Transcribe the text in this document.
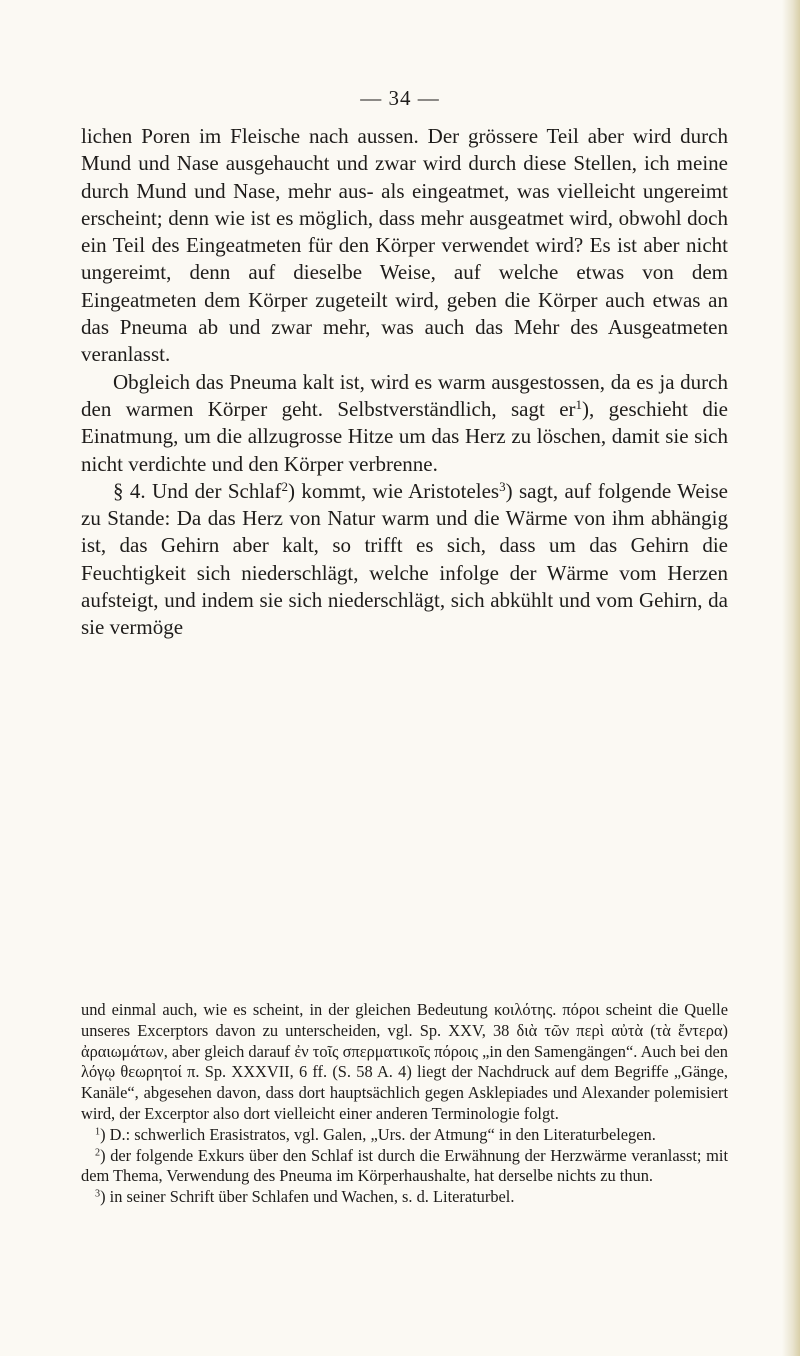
— 34 —

lichen Poren im Fleische nach aussen. Der grössere Teil aber wird durch Mund und Nase ausgehaucht und zwar wird durch diese Stellen, ich meine durch Mund und Nase, mehr aus- als eingeatmet, was vielleicht ungereimt erscheint; denn wie ist es möglich, dass mehr ausgeatmet wird, obwohl doch ein Teil des Eingeatmeten für den Körper verwendet wird? Es ist aber nicht ungereimt, denn auf dieselbe Weise, auf welche etwas von dem Eingeatmeten dem Körper zugeteilt wird, geben die Körper auch etwas an das Pneuma ab und zwar mehr, was auch das Mehr des Ausgeatmeten veranlasst.

Obgleich das Pneuma kalt ist, wird es warm ausgestossen, da es ja durch den warmen Körper geht. Selbstverständlich, sagt $er^1$), geschieht die Einatmung, um die allzugrosse Hitze um das Herz zu löschen, damit sie sich nicht verdichte und den Körper verbrenne.

§ 4. Und der Schlaf$^2$) kommt, wie Aristoteles$^3$) sagt, auf folgende Weise zu Stande: Da das Herz von Natur warm und die Wärme von ihm abhängig ist, das Gehirn aber kalt, so trifft es sich, dass um das Gehirn die Feuchtigkeit sich niederschlägt, welche infolge der Wärme vom Herzen aufsteigt, und indem sie sich niederschlägt, sich abkühlt und vom Gehirn, da sie vermöge

und einmal auch, wie es scheint, in der gleichen Bedeutung κοιλότης. πόροι scheint die Quelle unseres Excerptors davon zu unterscheiden, vgl. Sp. XXV, 38 διὰ τῶν περὶ αὐτὰ (τὰ ἔντερα) ἀραιωμάτων, aber gleich darauf ἐν τοῖς σπερματικοῖς πόροις „in den Samengängen“. Auch bei den λόγῳ θεωρητοί π. Sp. XXXVII, 6 ff. (S. 58 A. 4) liegt der Nachdruck auf dem Begriffe „Gänge, Kanäle“, abgesehen davon, dass dort hauptsächlich gegen Asklepiades und Alexander polemisiert wird, der Excerptor also dort vielleicht einer anderen Terminologie folgt.

$^1$) D.: schwerlich Erasistratos, vgl. Galen, „Urs. der Atmung“ in den Literaturbelegen.

$^2$) der folgende Exkurs über den Schlaf ist durch die Erwähnung der Herzwärme veranlasst; mit dem Thema, Verwendung des Pneuma im Körperhaushalte, hat derselbe nichts zu thun.

$^3$) in seiner Schrift über Schlafen und Wachen, s. d. Literaturbel.
